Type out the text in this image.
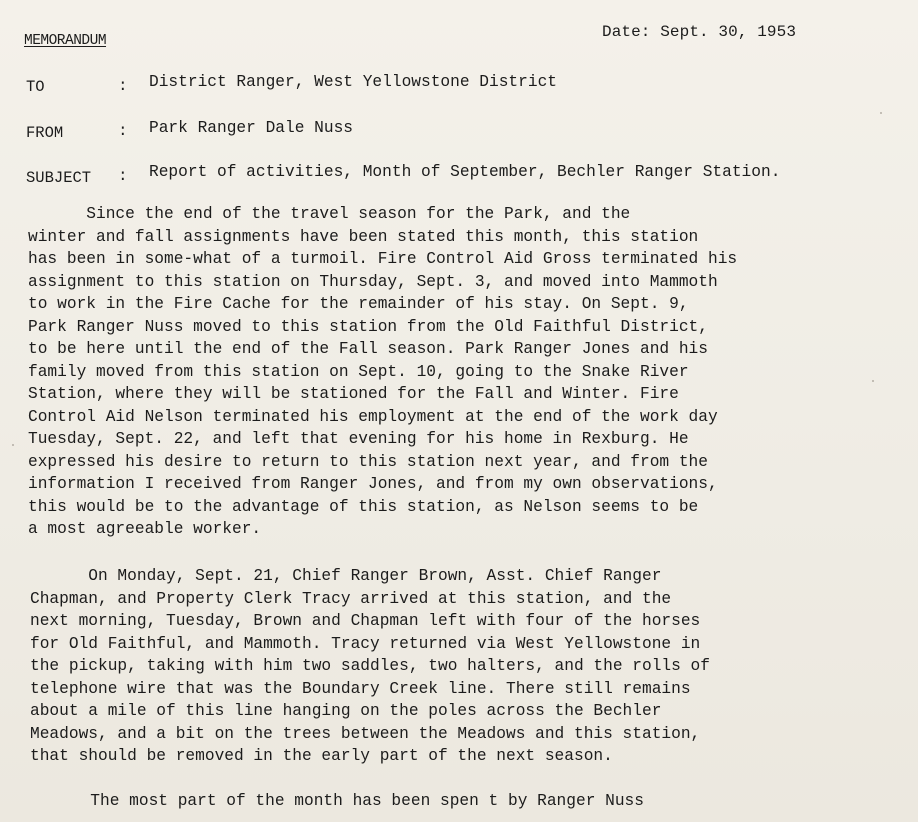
MEMORANDUM	Date: Sept. 30, 1953
TO	: District Ranger, West Yellowstone District
FROM	: Park Ranger Dale Nuss
SUBJECT : Report of activities, Month of September, Bechler Ranger Station.
Since the end of the travel season for the Park, and the
winter and fall assignments have been stated this month, this station
has been in some-what of a turmoil. Fire Control Aid Gross terminated his
assignment to this station on Thursday, Sept. 3, and moved into Mammoth
to work in the Fire Cache for the remainder of his stay. On Sept. 9,
Park Ranger Nuss moved to this station from the Old Faithful District,
to be here until the end of the Fall season. Park Ranger Jones and his
family moved from this station on Sept. 10, going to the Snake River
Station, where they will be stationed for the Fall and Winter. Fire
Control Aid Nelson terminated his employment at the end of the work day
Tuesday, Sept. 22, and left that evening for his home in Rexburg. He
expressed his desire to return to this station next year, and from the
information I received from Ranger Jones, and from my own observations,
this would be to the advantage of this station, as Nelson seems to be
a most agreeable worker.
On Monday, Sept. 21, Chief Ranger Brown, Asst. Chief Ranger
Chapman, and Property Clerk Tracy arrived at this station, and the
next morning, Tuesday, Brown and Chapman left with four of the horses
for Old Faithful, and Mammoth. Tracy returned via West Yellowstone in
the pickup, taking with him two saddles, two halters, and the rolls of
telephone wire that was the Boundary Creek line. There still remains
about a mile of this line hanging on the poles across the Bechler
Meadows, and a bit on the trees between the Meadows and this station,
that should be removed in the early part of the next season.
The most part of the month has been spen t by Ranger Nuss
